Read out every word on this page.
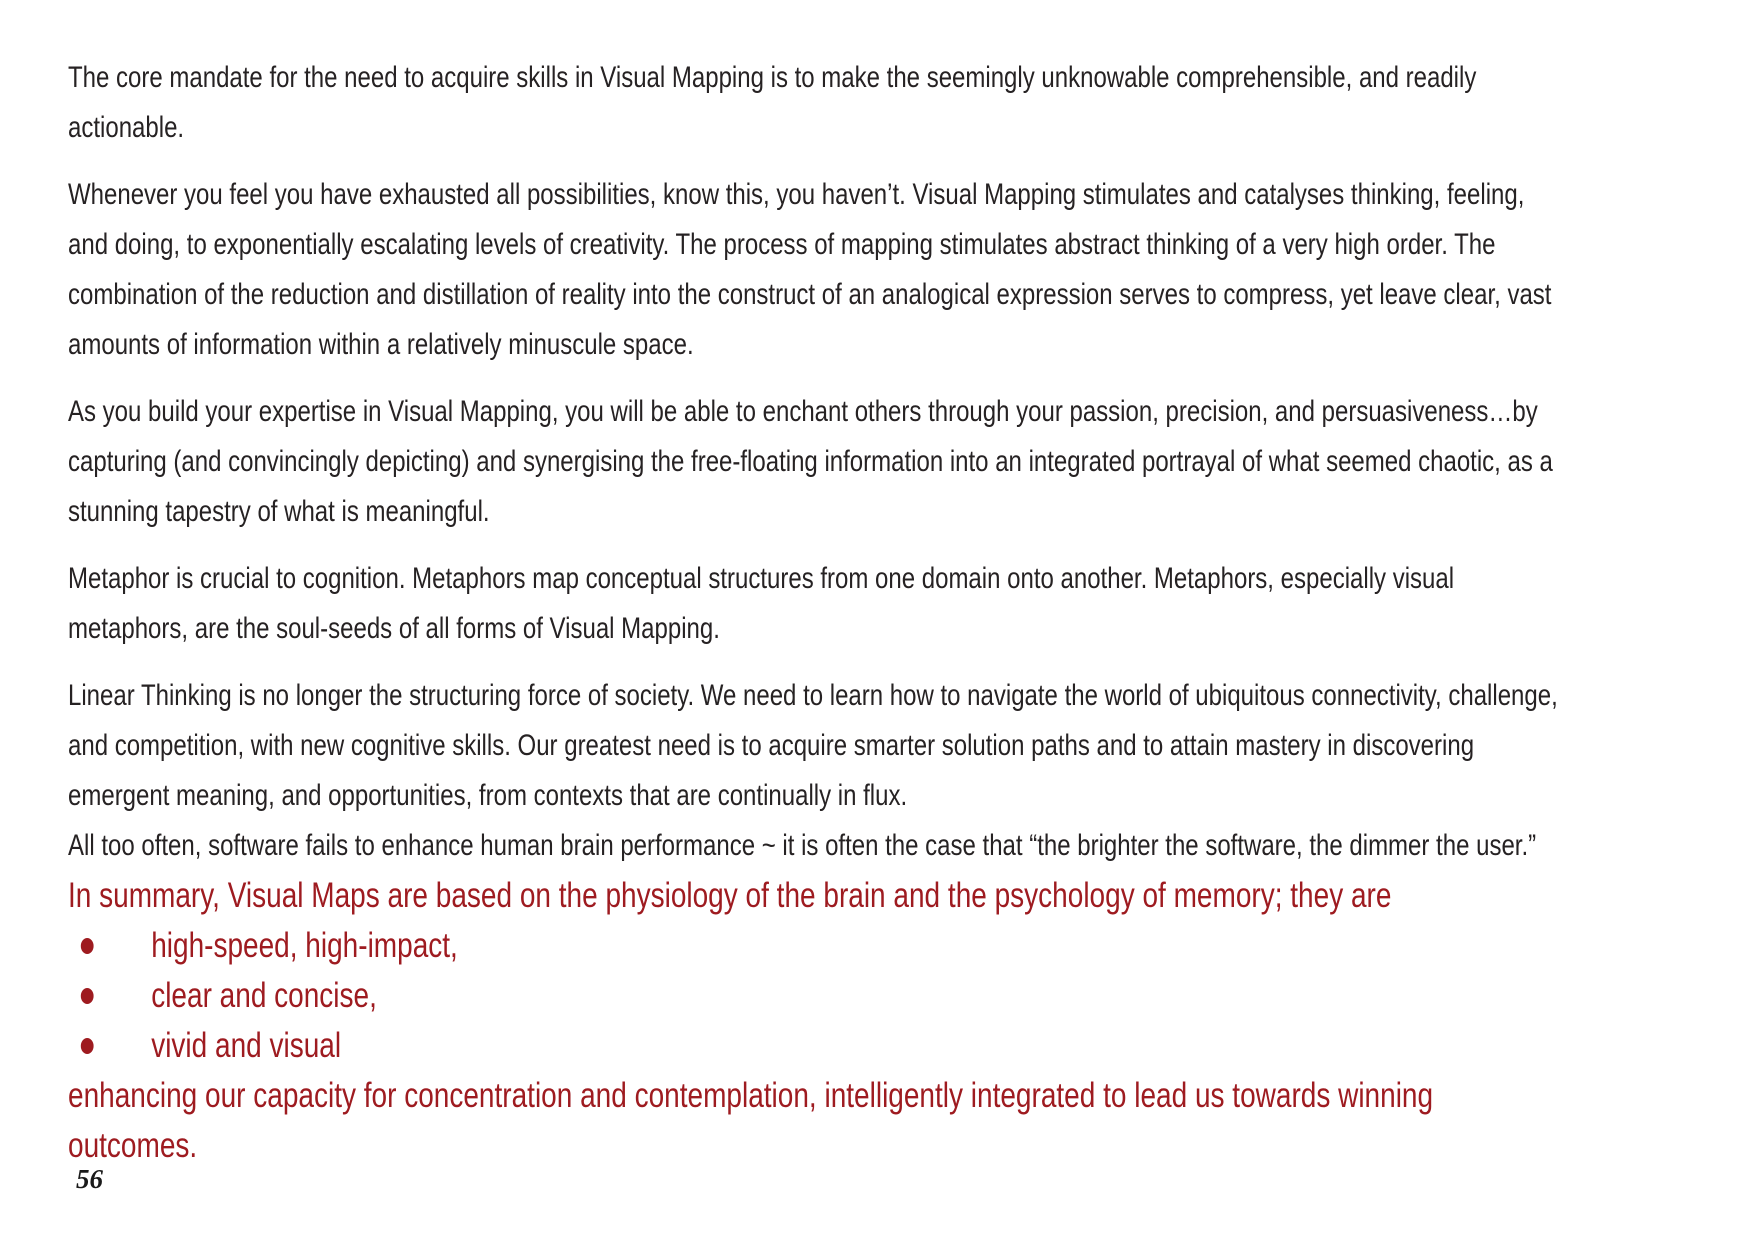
The core mandate for the need to acquire skills in Visual Mapping is to make the seemingly unknowable comprehensible, and readily
actionable.
Whenever you feel you have exhausted all possibilities, know this, you haven’t. Visual Mapping stimulates and catalyses thinking, feeling,
and doing, to exponentially escalating levels of creativity. The process of mapping stimulates abstract thinking of a very high order. The
combination of the reduction and distillation of reality into the construct of an analogical expression serves to compress, yet leave clear, vast
amounts of information within a relatively minuscule space.
As you build your expertise in Visual Mapping, you will be able to enchant others through your passion, precision, and persuasiveness…by
capturing (and convincingly depicting) and synergising the free-floating information into an integrated portrayal of what seemed chaotic, as a
stunning tapestry of what is meaningful.
Metaphor is crucial to cognition. Metaphors map conceptual structures from one domain onto another. Metaphors, especially visual
metaphors, are the soul-seeds of all forms of Visual Mapping.
Linear Thinking is no longer the structuring force of society. We need to learn how to navigate the world of ubiquitous connectivity, challenge,
and competition, with new cognitive skills. Our greatest need is to acquire smarter solution paths and to attain mastery in discovering
emergent meaning, and opportunities, from contexts that are continually in flux.
All too often, software fails to enhance human brain performance ~ it is often the case that “the brighter the software, the dimmer the user.”
In summary, Visual Maps are based on the physiology of the brain and the psychology of memory; they are
high-speed, high-impact,
clear and concise,
vivid and visual
enhancing our capacity for concentration and contemplation, intelligently integrated to lead us towards winning
outcomes.
56
